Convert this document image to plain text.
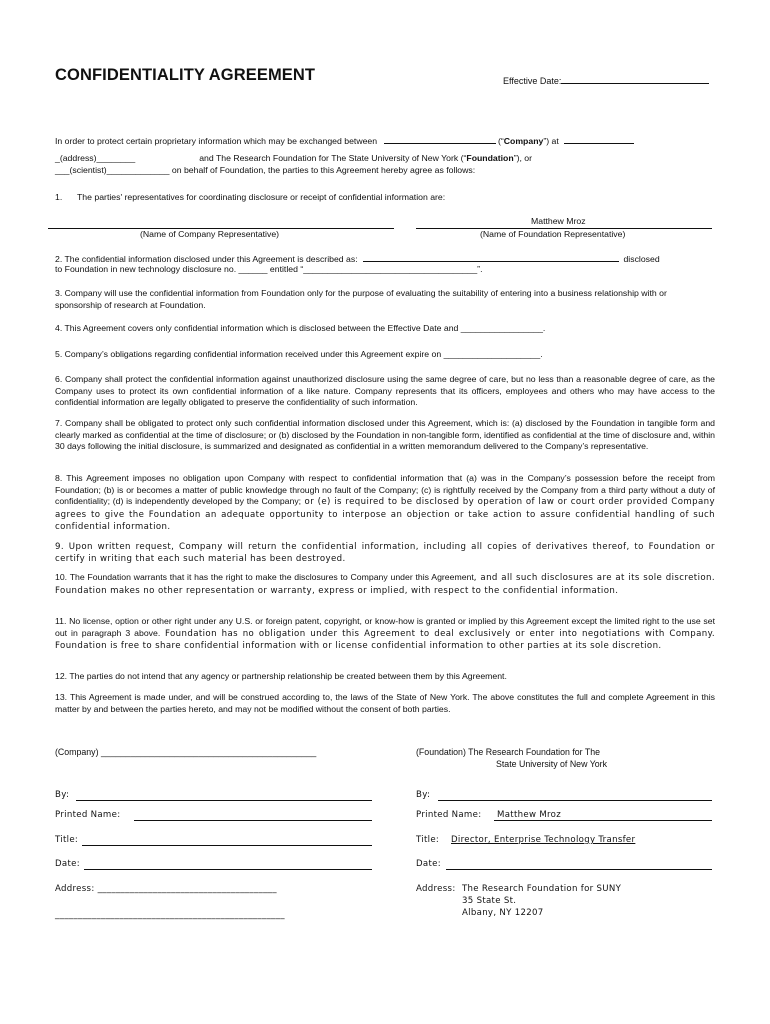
CONFIDENTIALITY AGREEMENT	Effective Date:
In order to protect certain proprietary information which may be exchanged between	(“Company”) at
_(address)________	and The Research Foundation for The State University of New York (“Foundation”), or
___(scientist)_____________ on behalf of Foundation, the parties to this Agreement hereby agree as follows:
1. The parties' representatives for coordinating disclosure or receipt of confidential information are:
(Name of Company Representative)
Matthew Mroz
(Name of Foundation Representative)
2. The confidential information disclosed under this Agreement is described as:	disclosed
to Foundation in new technology disclosure no. ______ entitled “____________________________________”.
3. Company will use the confidential information from Foundation only for the purpose of evaluating the suitability of entering into a business relationship with or sponsorship of research at Foundation.
4. This Agreement covers only confidential information which is disclosed between the Effective Date and _________________.
5. Company’s obligations regarding confidential information received under this Agreement expire on ____________________.
6. Company shall protect the confidential information against unauthorized disclosure using the same degree of care, but no less than a reasonable degree of care, as the Company uses to protect its own confidential information of a like nature. Company represents that its officers, employees and others who may have access to the confidential information are legally obligated to preserve the confidentiality of such information.
7. Company shall be obligated to protect only such confidential information disclosed under this Agreement, which is: (a) disclosed by the Foundation in tangible form and clearly marked as confidential at the time of disclosure; or (b) disclosed by the Foundation in non-tangible form, identified as confidential at the time of disclosure and, within 30 days following the initial disclosure, is summarized and designated as confidential in a written memorandum delivered to the Company’s representative.
8. This Agreement imposes no obligation upon Company with respect to confidential information that (a) was in the Company’s possession before the receipt from Foundation; (b) is or becomes a matter of public knowledge through no fault of the Company; (c) is rightfully received by the Company from a third party without a duty of confidentiality; (d) is independently developed by the Company; or (e) is required to be disclosed by operation of law or court order provided Company agrees to give the Foundation an adequate opportunity to interpose an objection or take action to assure confidential handling of such confidential information.
9. Upon written request, Company will return the confidential information, including all copies of derivatives thereof, to Foundation or certify in writing that each such material has been destroyed.
10. The Foundation warrants that it has the right to make the disclosures to Company under this Agreement, and all such disclosures are at its sole discretion. Foundation makes no other representation or warranty, express or implied, with respect to the confidential information.
11. No license, option or other right under any U.S. or foreign patent, copyright, or know-how is granted or implied by this Agreement except the limited right to the use set out in paragraph 3 above. Foundation has no obligation under this Agreement to deal exclusively or enter into negotiations with Company. Foundation is free to share confidential information with or license confidential information to other parties at its sole discretion.
12. The parties do not intend that any agency or partnership relationship be created between them by this Agreement.
13. This Agreement is made under, and will be construed according to, the laws of the State of New York. The above constitutes the full and complete Agreement in this matter by and between the parties hereto, and may not be modified without the consent of both parties.
(Company) ____________________________________________
By:
Printed Name:
Title:
Date:
Address: _______________________________________
__________________________________________________
(Foundation) The Research Foundation for The
State University of New York
By:
Printed Name: Matthew Mroz
Title: Director, Enterprise Technology Transfer
Date:
Address: The Research Foundation for SUNY
35 State St.
Albany, NY 12207
